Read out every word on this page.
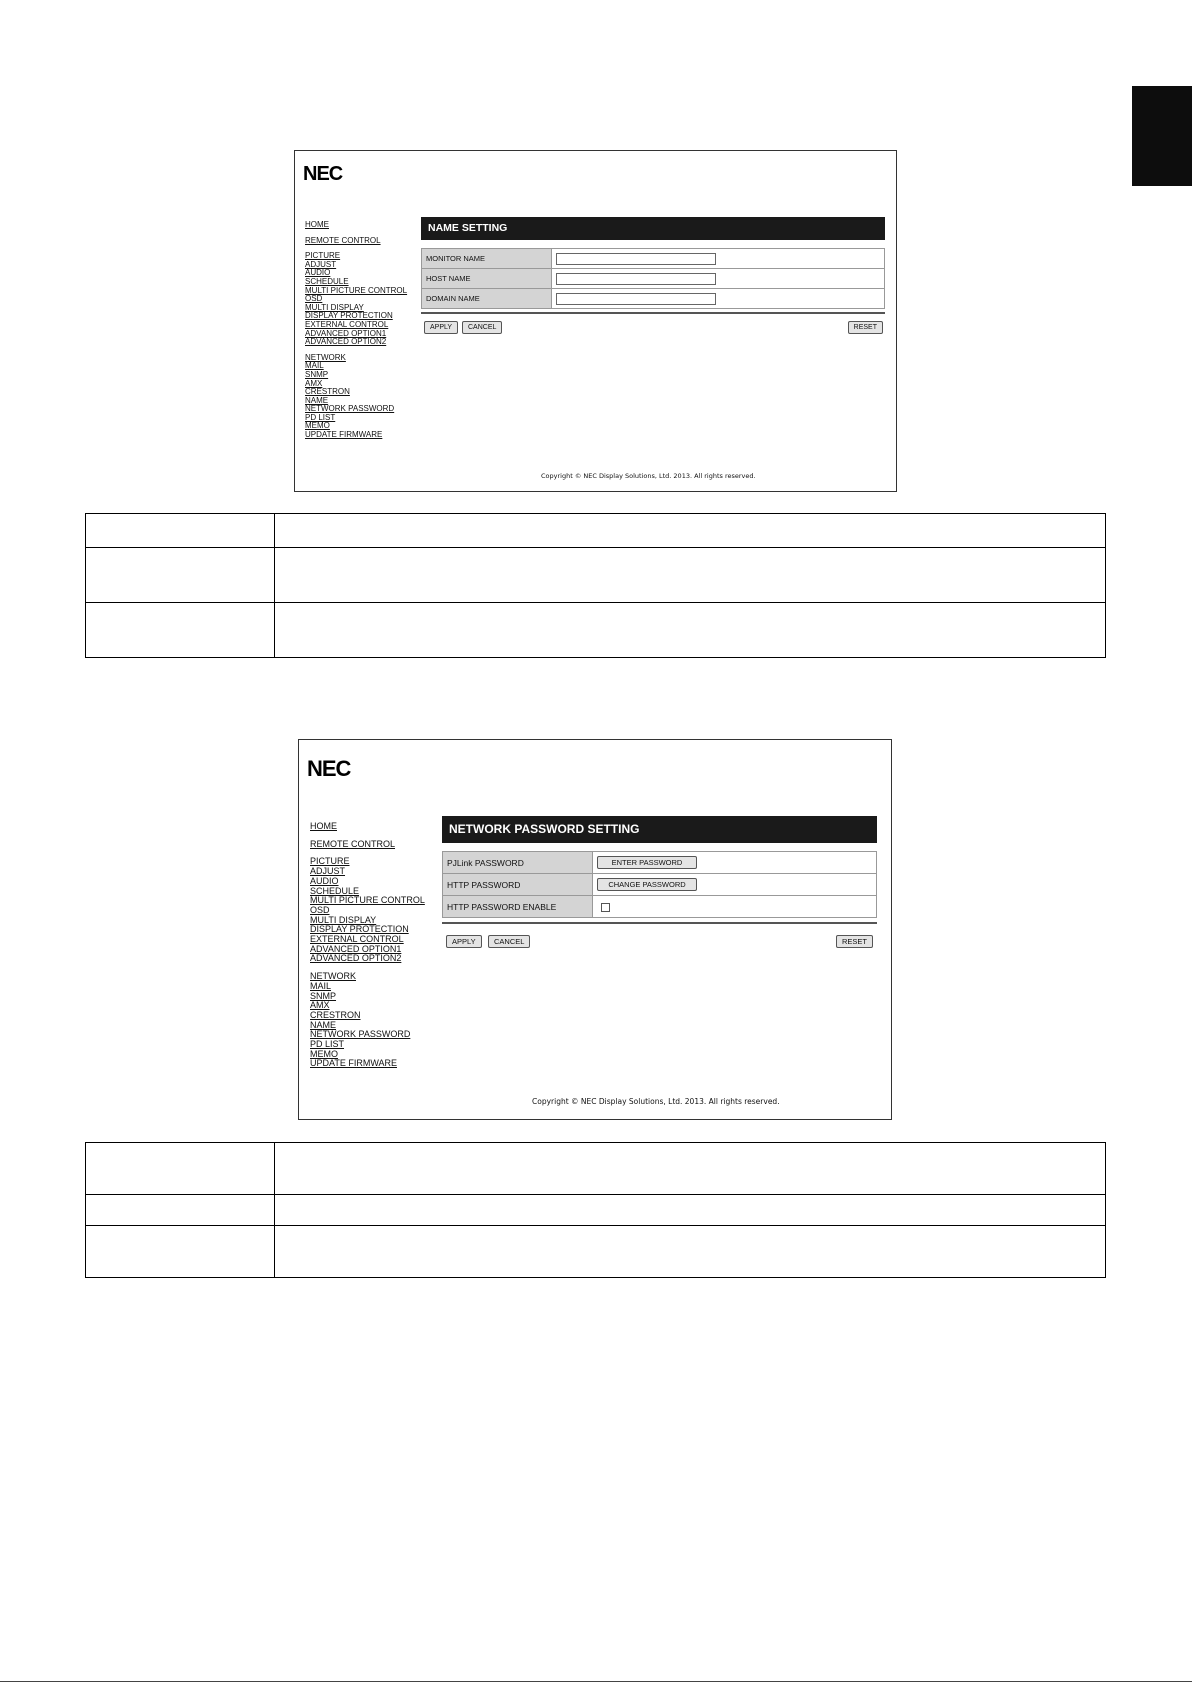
NEC
HOME
REMOTE CONTROL
PICTURE
ADJUST
AUDIO
SCHEDULE
MULTI PICTURE CONTROL
OSD
MULTI DISPLAY
DISPLAY PROTECTION
EXTERNAL CONTROL
ADVANCED OPTION1
ADVANCED OPTION2
NETWORK
MAIL
SNMP
AMX
CRESTRON
NAME
NETWORK PASSWORD
PD LIST
MEMO
UPDATE FIRMWARE
NAME SETTING
MONITOR NAME	
HOST NAME	
DOMAIN NAME	
APPLY	CANCEL	RESET
Copyright © NEC Display Solutions, Ltd. 2013. All rights reserved.

NEC
HOME
REMOTE CONTROL
PICTURE
ADJUST
AUDIO
SCHEDULE
MULTI PICTURE CONTROL
OSD
MULTI DISPLAY
DISPLAY PROTECTION
EXTERNAL CONTROL
ADVANCED OPTION1
ADVANCED OPTION2
NETWORK
MAIL
SNMP
AMX
CRESTRON
NAME
NETWORK PASSWORD
PD LIST
MEMO
UPDATE FIRMWARE
NETWORK PASSWORD SETTING
PJLink PASSWORD	ENTER PASSWORD
HTTP PASSWORD	CHANGE PASSWORD
HTTP PASSWORD ENABLE	
APPLY	CANCEL	RESET
Copyright © NEC Display Solutions, Ltd. 2013. All rights reserved.
